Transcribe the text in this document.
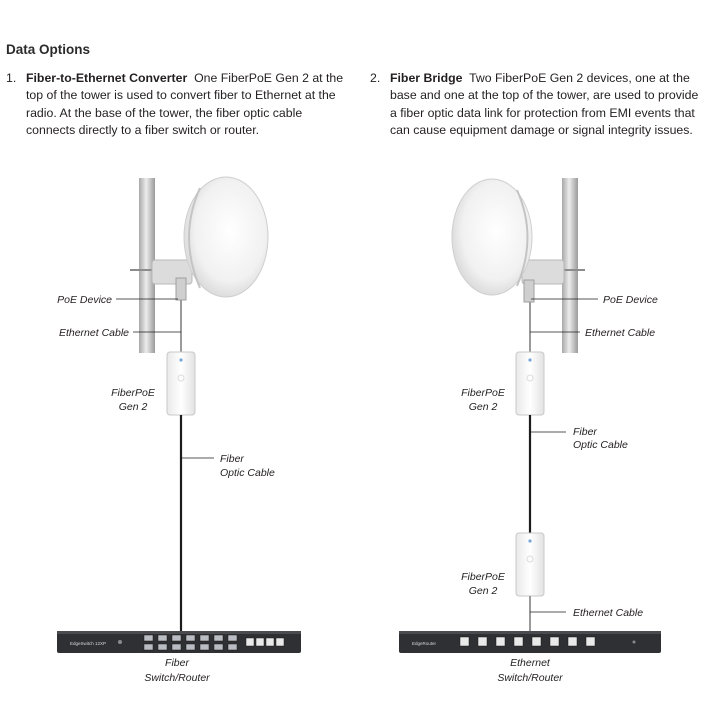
Data Options
1. Fiber-to-Ethernet Converter One FiberPoE Gen 2 at the top of the tower is used to convert fiber to Ethernet at the radio. At the base of the tower, the fiber optic cable connects directly to a fiber switch or router.
2. Fiber Bridge Two FiberPoE Gen 2 devices, one at the base and one at the top of the tower, are used to provide a fiber optic data link for protection from EMI events that can cause equipment damage or signal integrity issues.
EdgeSwitch 12XP
PoE Device
Ethernet Cable
FiberPoE
Gen 2
Fiber
Optic Cable
Fiber
Switch/Router
EdgeRouter
PoE Device
Ethernet Cable
FiberPoE
Gen 2
Fiber
Optic Cable
FiberPoE
Gen 2
Ethernet Cable
Ethernet
Switch/Router
